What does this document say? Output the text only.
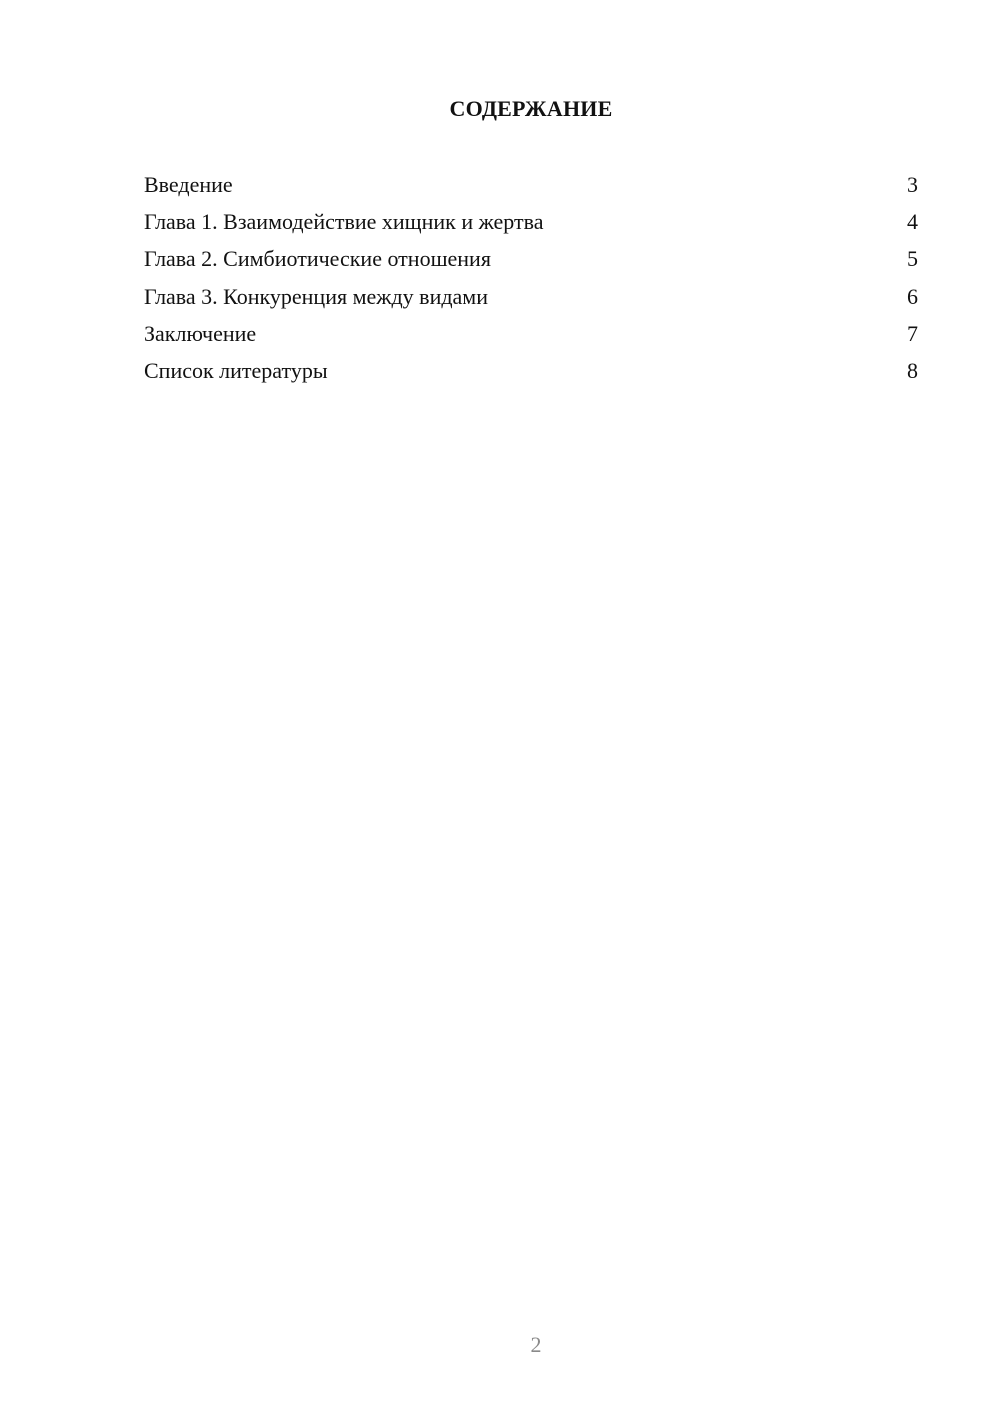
СОДЕРЖАНИЕ
Введение	3
Глава 1. Взаимодействие хищник и жертва	4
Глава 2. Симбиотические отношения	5
Глава 3. Конкуренция между видами	6
Заключение	7
Список литературы	8
2
